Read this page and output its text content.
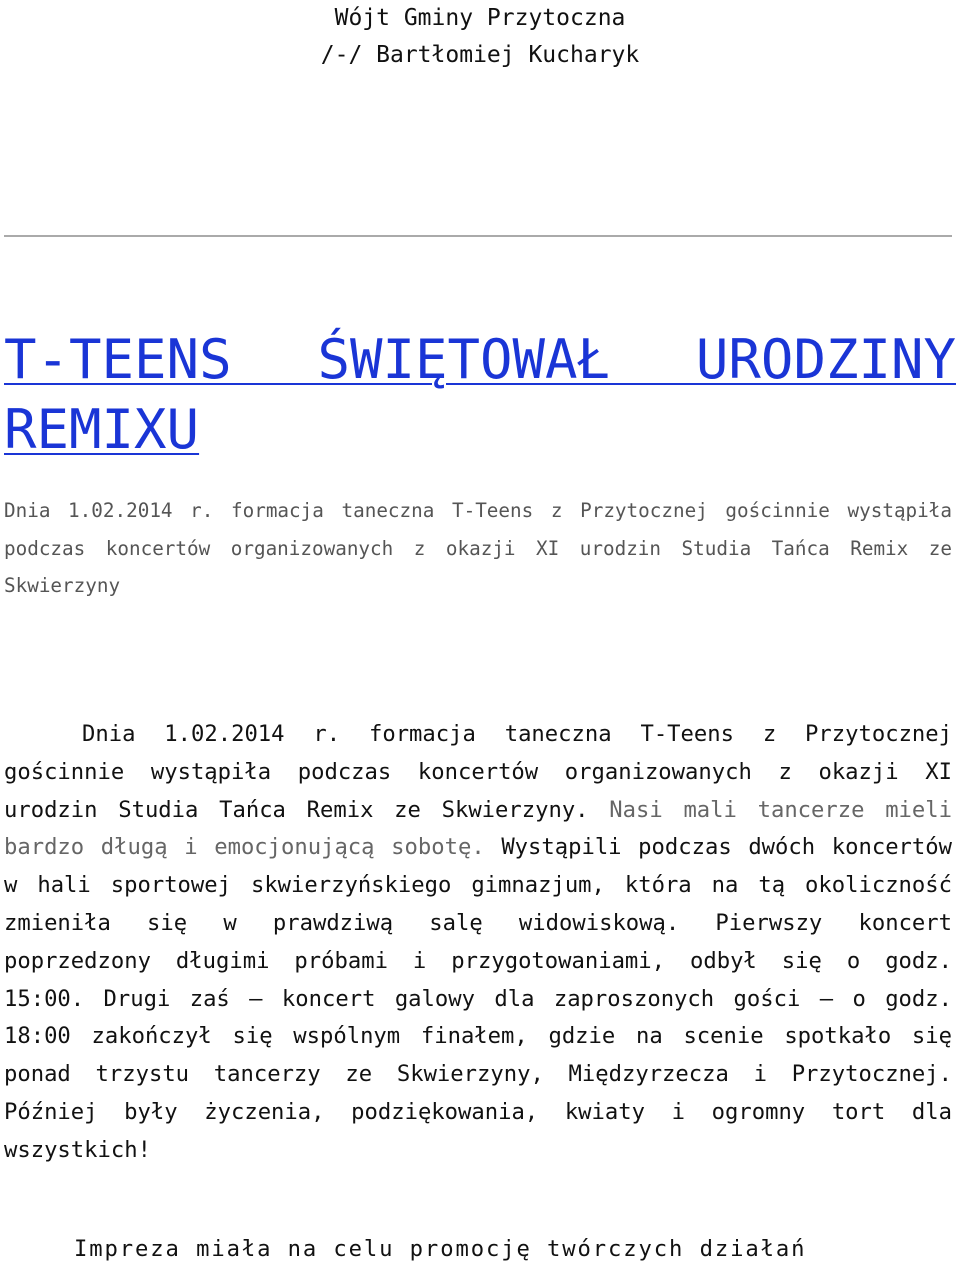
Wójt Gminy Przytoczna
/-/ Bartłomiej Kucharyk
T-TEENS ŚWIĘTOWAŁ URODZINY REMIXU

Dnia 1.02.2014 r. formacja taneczna T-Teens z Przytocznej gościnnie wystąpiła podczas koncertów organizowanych z okazji XI urodzin Studia Tańca Remix ze Skwierzyny

Dnia 1.02.2014 r. formacja taneczna T-Teens z Przytocznej gościnnie wystąpiła podczas koncertów organizowanych z okazji XI urodzin Studia Tańca Remix ze Skwierzyny. Nasi mali tancerze mieli bardzo długą i emocjonującą sobotę. Wystąpili podczas dwóch koncertów w hali sportowej skwierzyńskiego gimnazjum, która na tą okoliczność zmieniła się w prawdziwą salę widowiskową. Pierwszy koncert poprzedzony długimi próbami i przygotowaniami, odbył się o godz. 15:00. Drugi zaś – koncert galowy dla zaproszonych gości – o godz. 18:00 zakończył się wspólnym finałem, gdzie na scenie spotkało się ponad trzystu tancerzy ze Skwierzyny, Międzyrzecza i Przytocznej. Później były życzenia, podziękowania, kwiaty i ogromny tort dla wszystkich!

Impreza miała na celu promocję twórczych działań
